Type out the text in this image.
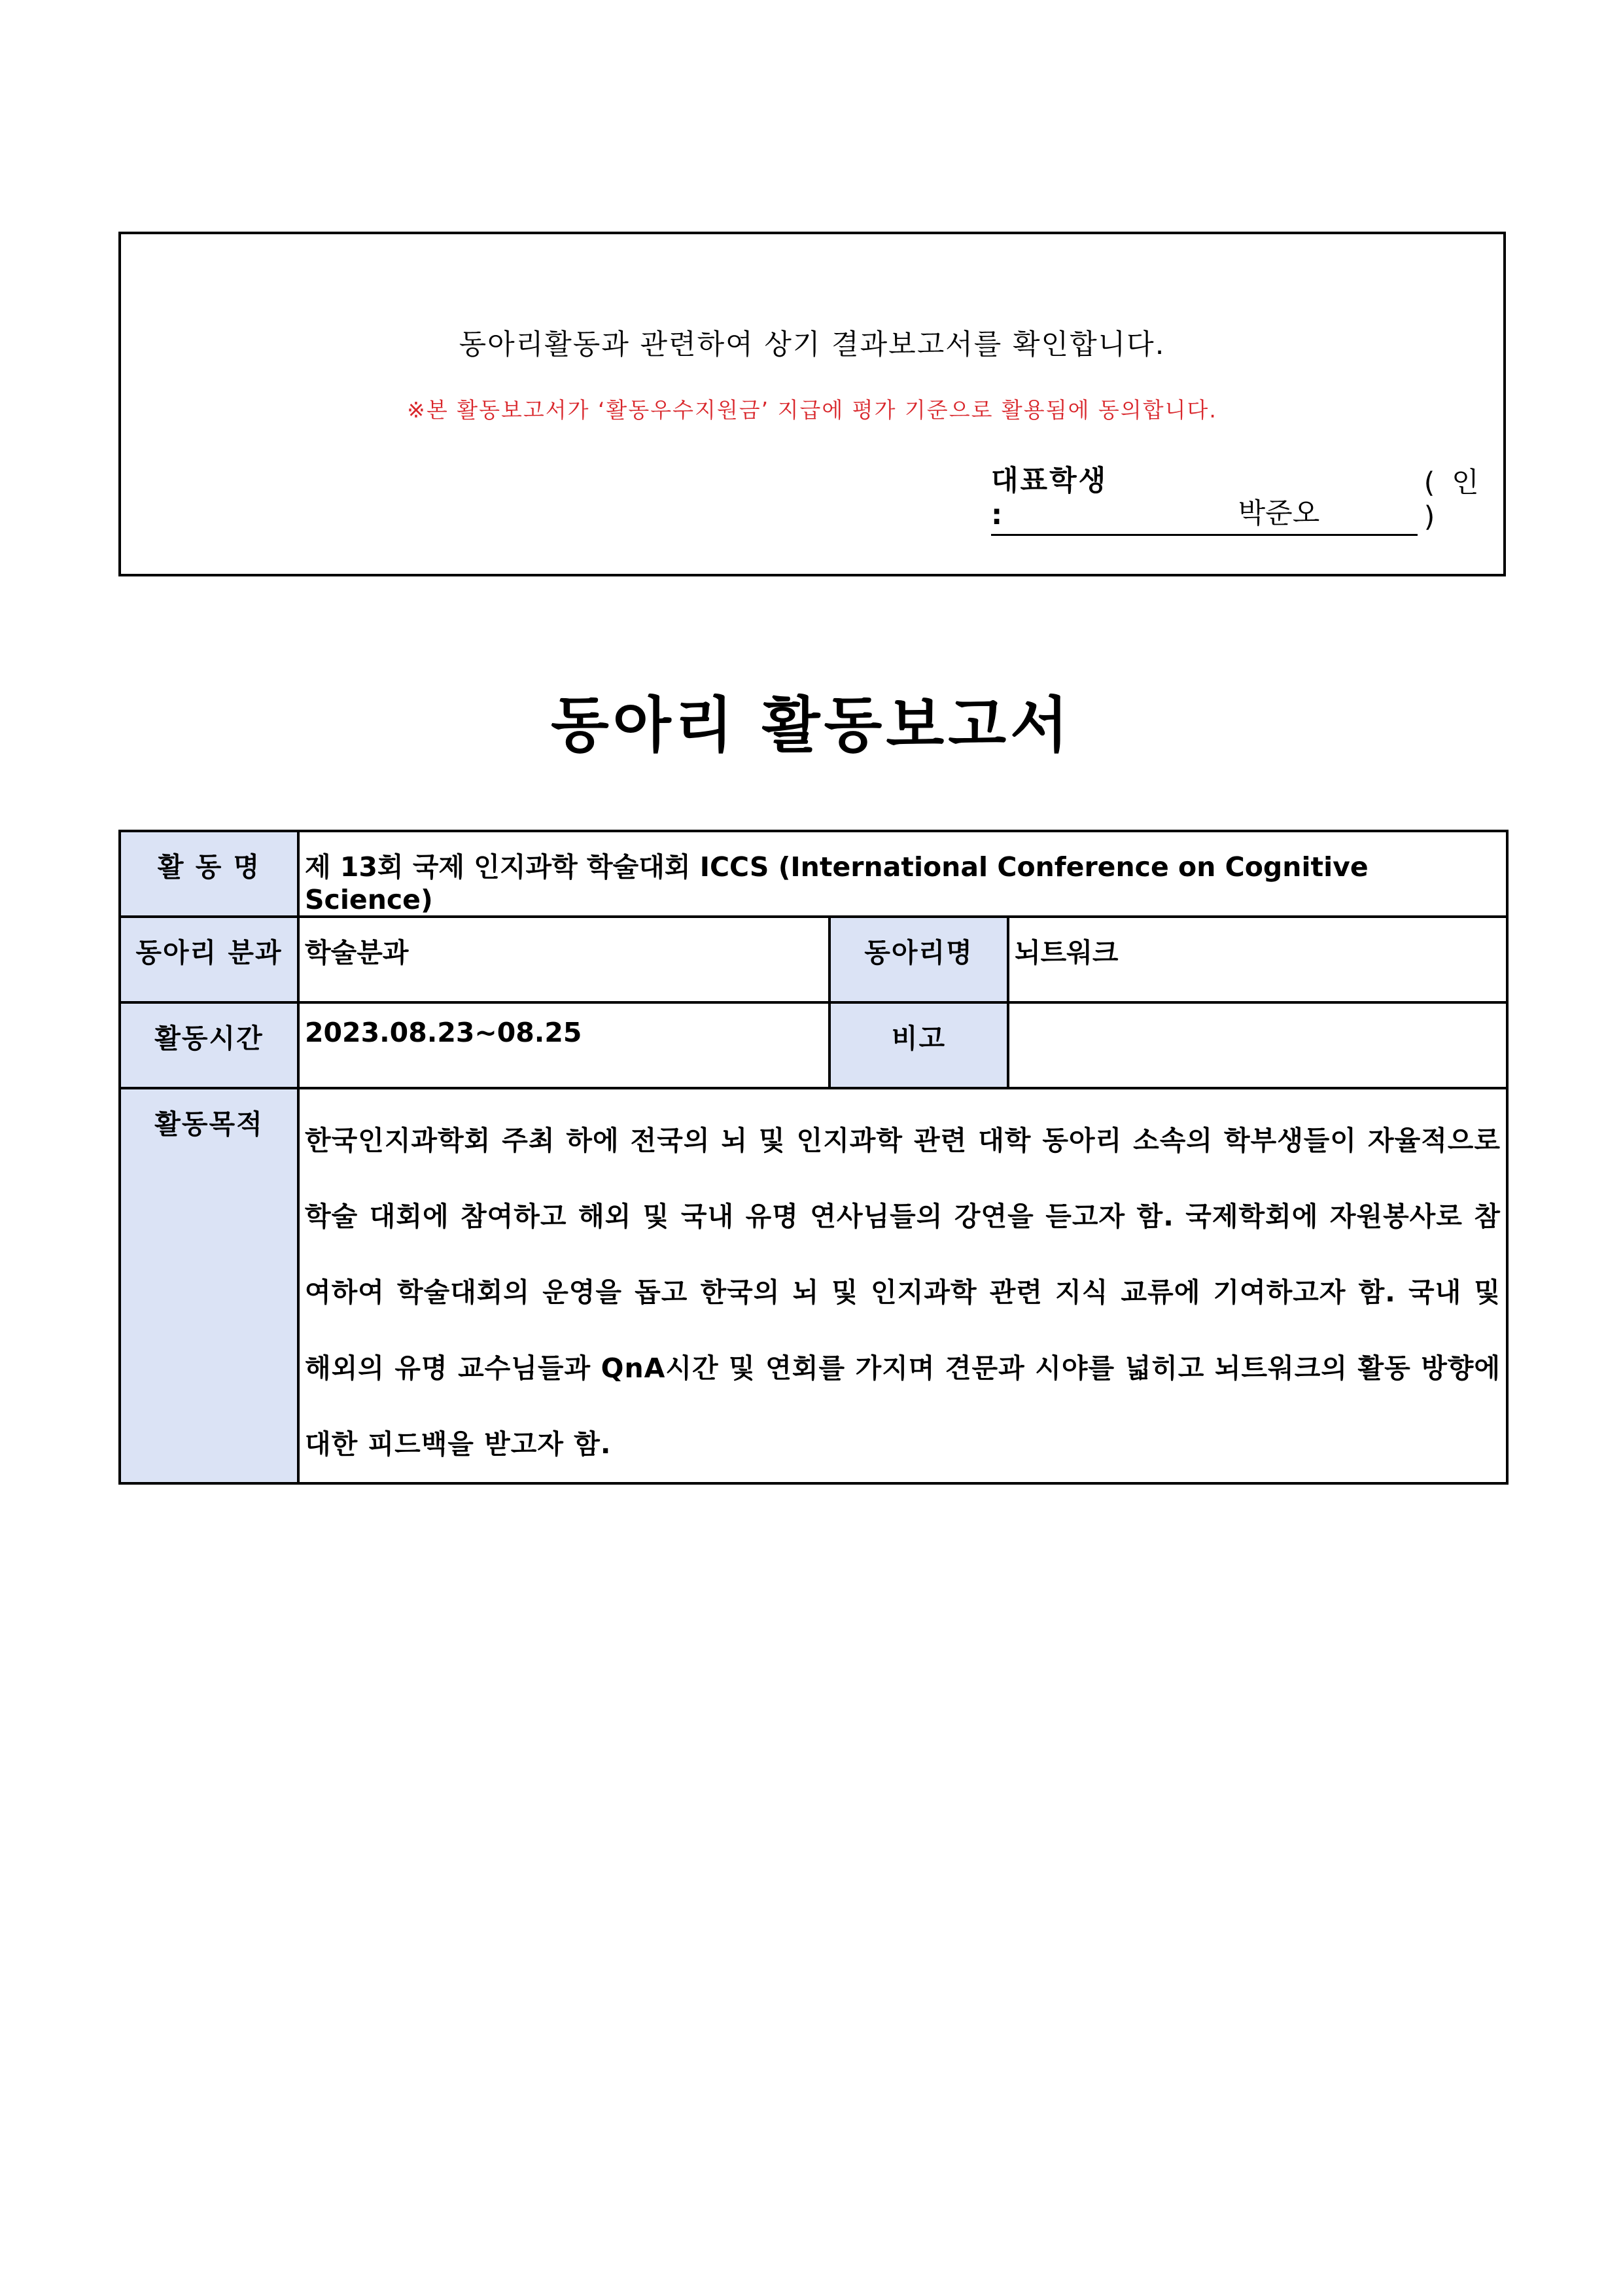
동아리활동과 관련하여 상기 결과보고서를 확인합니다.
※본 활동보고서가 ‘활동우수지원금’ 지급에 평가 기준으로 활용됨에 동의합니다.
대표학생 :	박준오
( 인 )
동아리 활동보고서
활 동 명	제 13회 국제 인지과학 학술대회 ICCS (International Conference on Cognitive Science)		
동아리 분과	학술분과	동아리명	뇌트워크
활동시간	2023.08.23~08.25	비고	
활동목적	한국인지과학회 주최 하에 전국의 뇌 및 인지과학 관련 대학 동아리 소속의 학부생들이 자율적으로 학술 대회에 참여하고 해외 및 국내 유명 연사님들의 강연을 듣고자 함. 국제학회에 자원봉사로 참여하여 학술대회의 운영을 돕고 한국의 뇌 및 인지과학 관련 지식 교류에 기여하고자 함. 국내 및 해외의 유명 교수님들과 QnA시간 및 연회를 가지며 견문과 시야를 넓히고 뇌트워크의 활동 방향에 대한 피드백을 받고자 함.		
